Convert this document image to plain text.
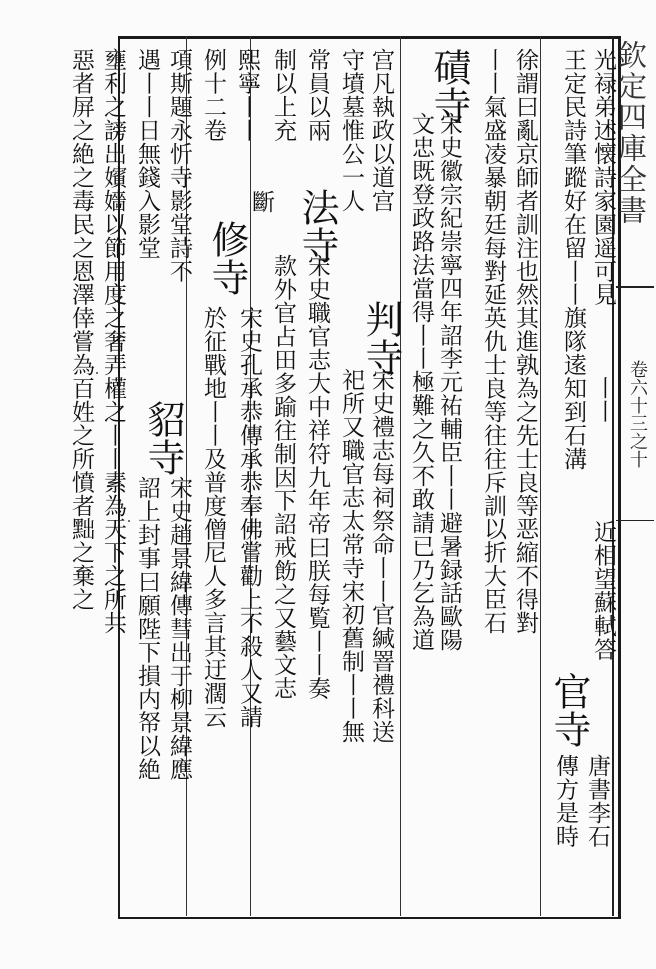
欽定四庫全書
卷六十三之十
光禄弟述懐詩家園遥可見
丨丨
近相望蘇軾答
王定民詩筆蹤好在留丨丨旗隊逺知到石溝
官寺
唐書李石
傳方是時
徐謂曰亂京師者訓注也然其進孰為之先士良等恶縮不得對
丨丨氣盛凌暴朝廷每對延英仇士良等往往斥訓以折大臣石
磧寺
宋史徽宗紀崇寧四年詔李元祐輔臣丨丨避暑録話歐陽
文忠既登政路法當得丨丨極難之久不敢請已乃乞為道
宫凡執政以道宫
判寺
宋史禮志每祠祭命丨丨官緘罯禮科送
守墳墓惟公一人
祀所又職官志太常寺宋初舊制丨丨無
常員以兩
法寺
宋史職官志大中祥符九年帝曰朕每覧丨丨奏
制以上充
款外官占田多踰往制因下詔戒飭之又藝文志
熙寧丨丨
斷
修寺
宋史孔承恭傳承恭奉佛嘗勸上不殺人又請
例十二卷
於征戰地丨丨及普度僧尼人多言其迂濶云
項斯題永忻寺影堂詩不
貂寺
宋史趙景緯傳彗出于柳景緯應
遇丨丨日無錢入影堂
詔上封事曰願陛下損内帑以絶
壅利之謗出嬪嬙以節用度之奢弄權之丨丨素為天下之所共
惡者屏之絶之毒民之恩澤倖嘗為百姓之所憤者黜之棄之
